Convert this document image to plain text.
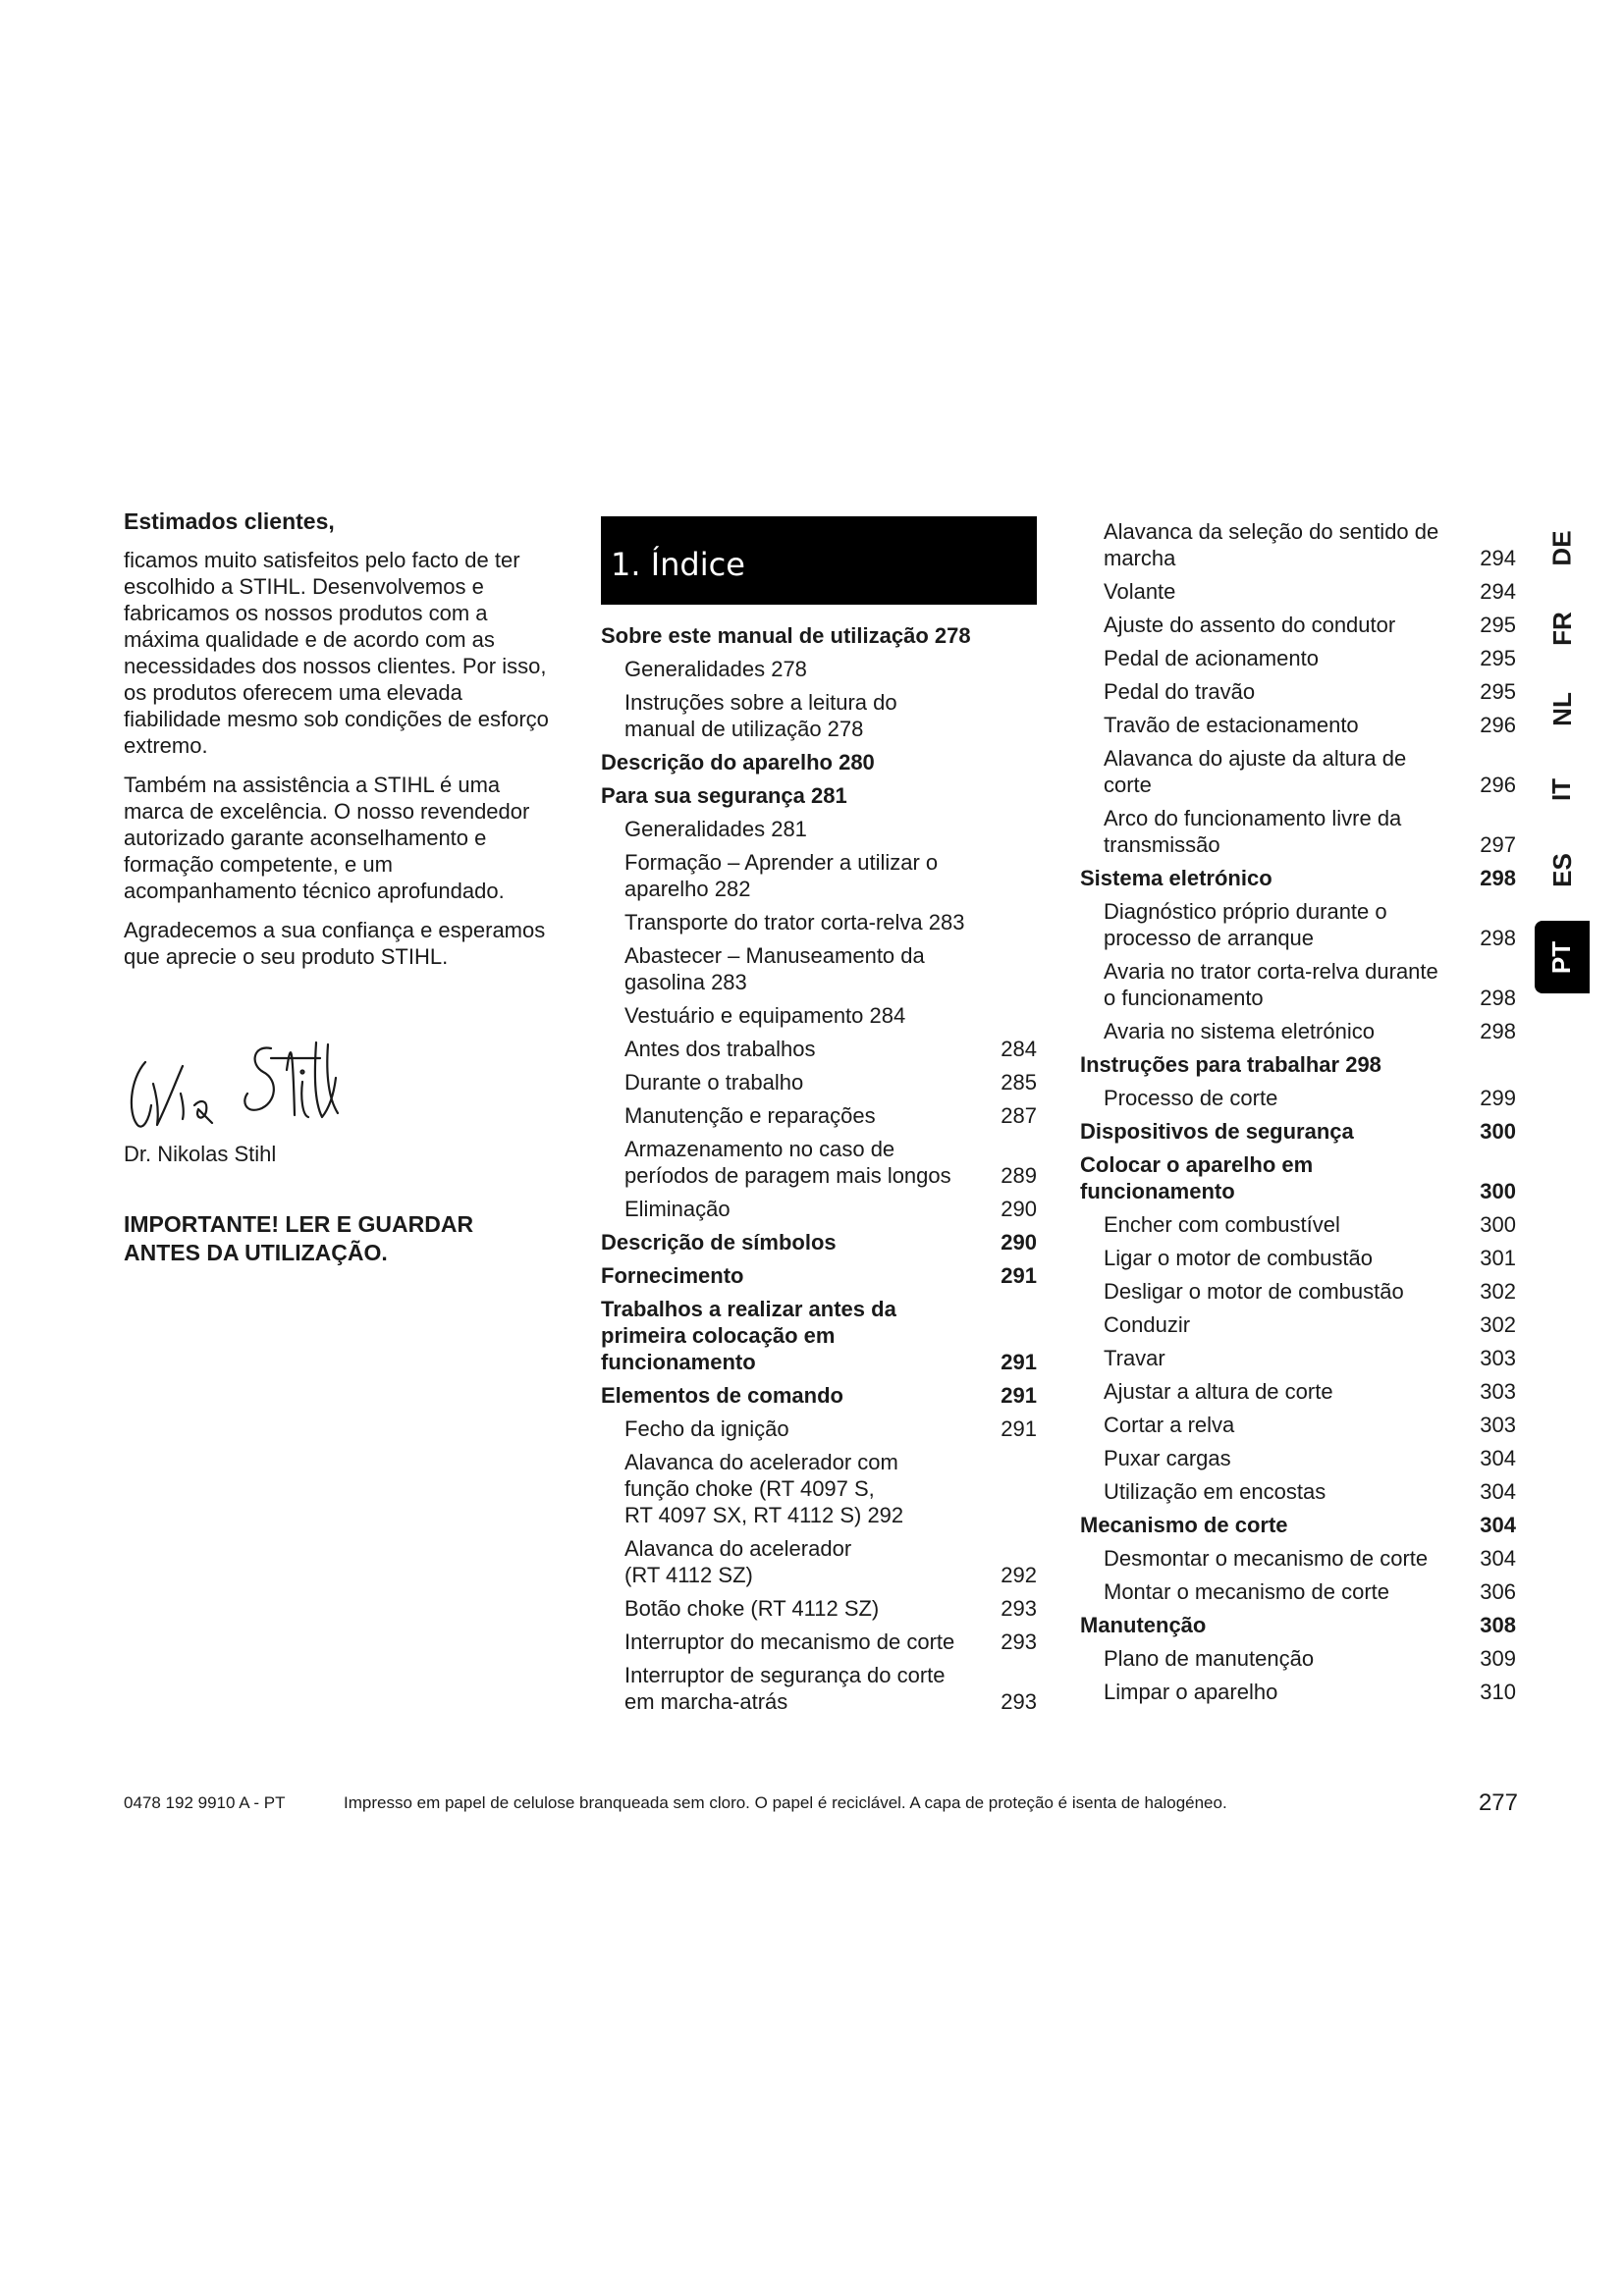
Estimados clientes,

ficamos muito satisfeitos pelo facto de ter escolhido a STIHL. Desenvolvemos e fabricamos os nossos produtos com a máxima qualidade e de acordo com as necessidades dos nossos clientes. Por isso, os produtos oferecem uma elevada fiabilidade mesmo sob condições de esforço extremo.

Também na assistência a STIHL é uma marca de excelência. O nosso revendedor autorizado garante aconselhamento e formação competente, e um acompanhamento técnico aprofundado.

Agradecemos a sua confiança e esperamos que aprecie o seu produto STIHL.

Dr. Nikolas Stihl

IMPORTANTE! LER E GUARDAR
ANTES DA UTILIZAÇÃO.

1. Índice
Sobre este manual de utilização 278
Generalidades 278
Instruções sobre a leitura do
manual de utilização 278
Descrição do aparelho 280
Para sua segurança 281
Generalidades 281
Formação – Aprender a utilizar o
aparelho 282
Transporte do trator corta-relva 283
Abastecer – Manuseamento da
gasolina 283
Vestuário e equipamento 284
Antes dos trabalhos	284
Durante o trabalho	285
Manutenção e reparações	287
Armazenamento no caso de
períodos de paragem mais longos	289
Eliminação	290
Descrição de símbolos	290
Fornecimento	291
Trabalhos a realizar antes da
primeira colocação em
funcionamento	291
Elementos de comando	291
Fecho da ignição	291
Alavanca do acelerador com
função choke (RT 4097 S,
RT 4097 SX, RT 4112 S) 292
Alavanca do acelerador
(RT 4112 SZ)	292
Botão choke (RT 4112 SZ)	293
Interruptor do mecanismo de corte	293
Interruptor de segurança do corte
em marcha-atrás	293
Alavanca da seleção do sentido de
marcha	294
Volante	294
Ajuste do assento do condutor	295
Pedal de acionamento	295
Pedal do travão	295
Travão de estacionamento	296
Alavanca do ajuste da altura de
corte	296
Arco do funcionamento livre da
transmissão	297
Sistema eletrónico	298
Diagnóstico próprio durante o
processo de arranque	298
Avaria no trator corta-relva durante
o funcionamento	298
Avaria no sistema eletrónico	298
Instruções para trabalhar 298
Processo de corte	299
Dispositivos de segurança	300
Colocar o aparelho em
funcionamento	300
Encher com combustível	300
Ligar o motor de combustão	301
Desligar o motor de combustão	302
Conduzir	302
Travar	303
Ajustar a altura de corte	303
Cortar a relva	303
Puxar cargas	304
Utilização em encostas	304
Mecanismo de corte	304
Desmontar o mecanismo de corte	304
Montar o mecanismo de corte	306
Manutenção	308
Plano de manutenção	309
Limpar o aparelho	310
DE
FR
NL
IT
ES
PT
0478 192 9910 A - PT	Impresso em papel de celulose branqueada sem cloro. O papel é reciclável. A capa de proteção é isenta de halogéneo.	277
